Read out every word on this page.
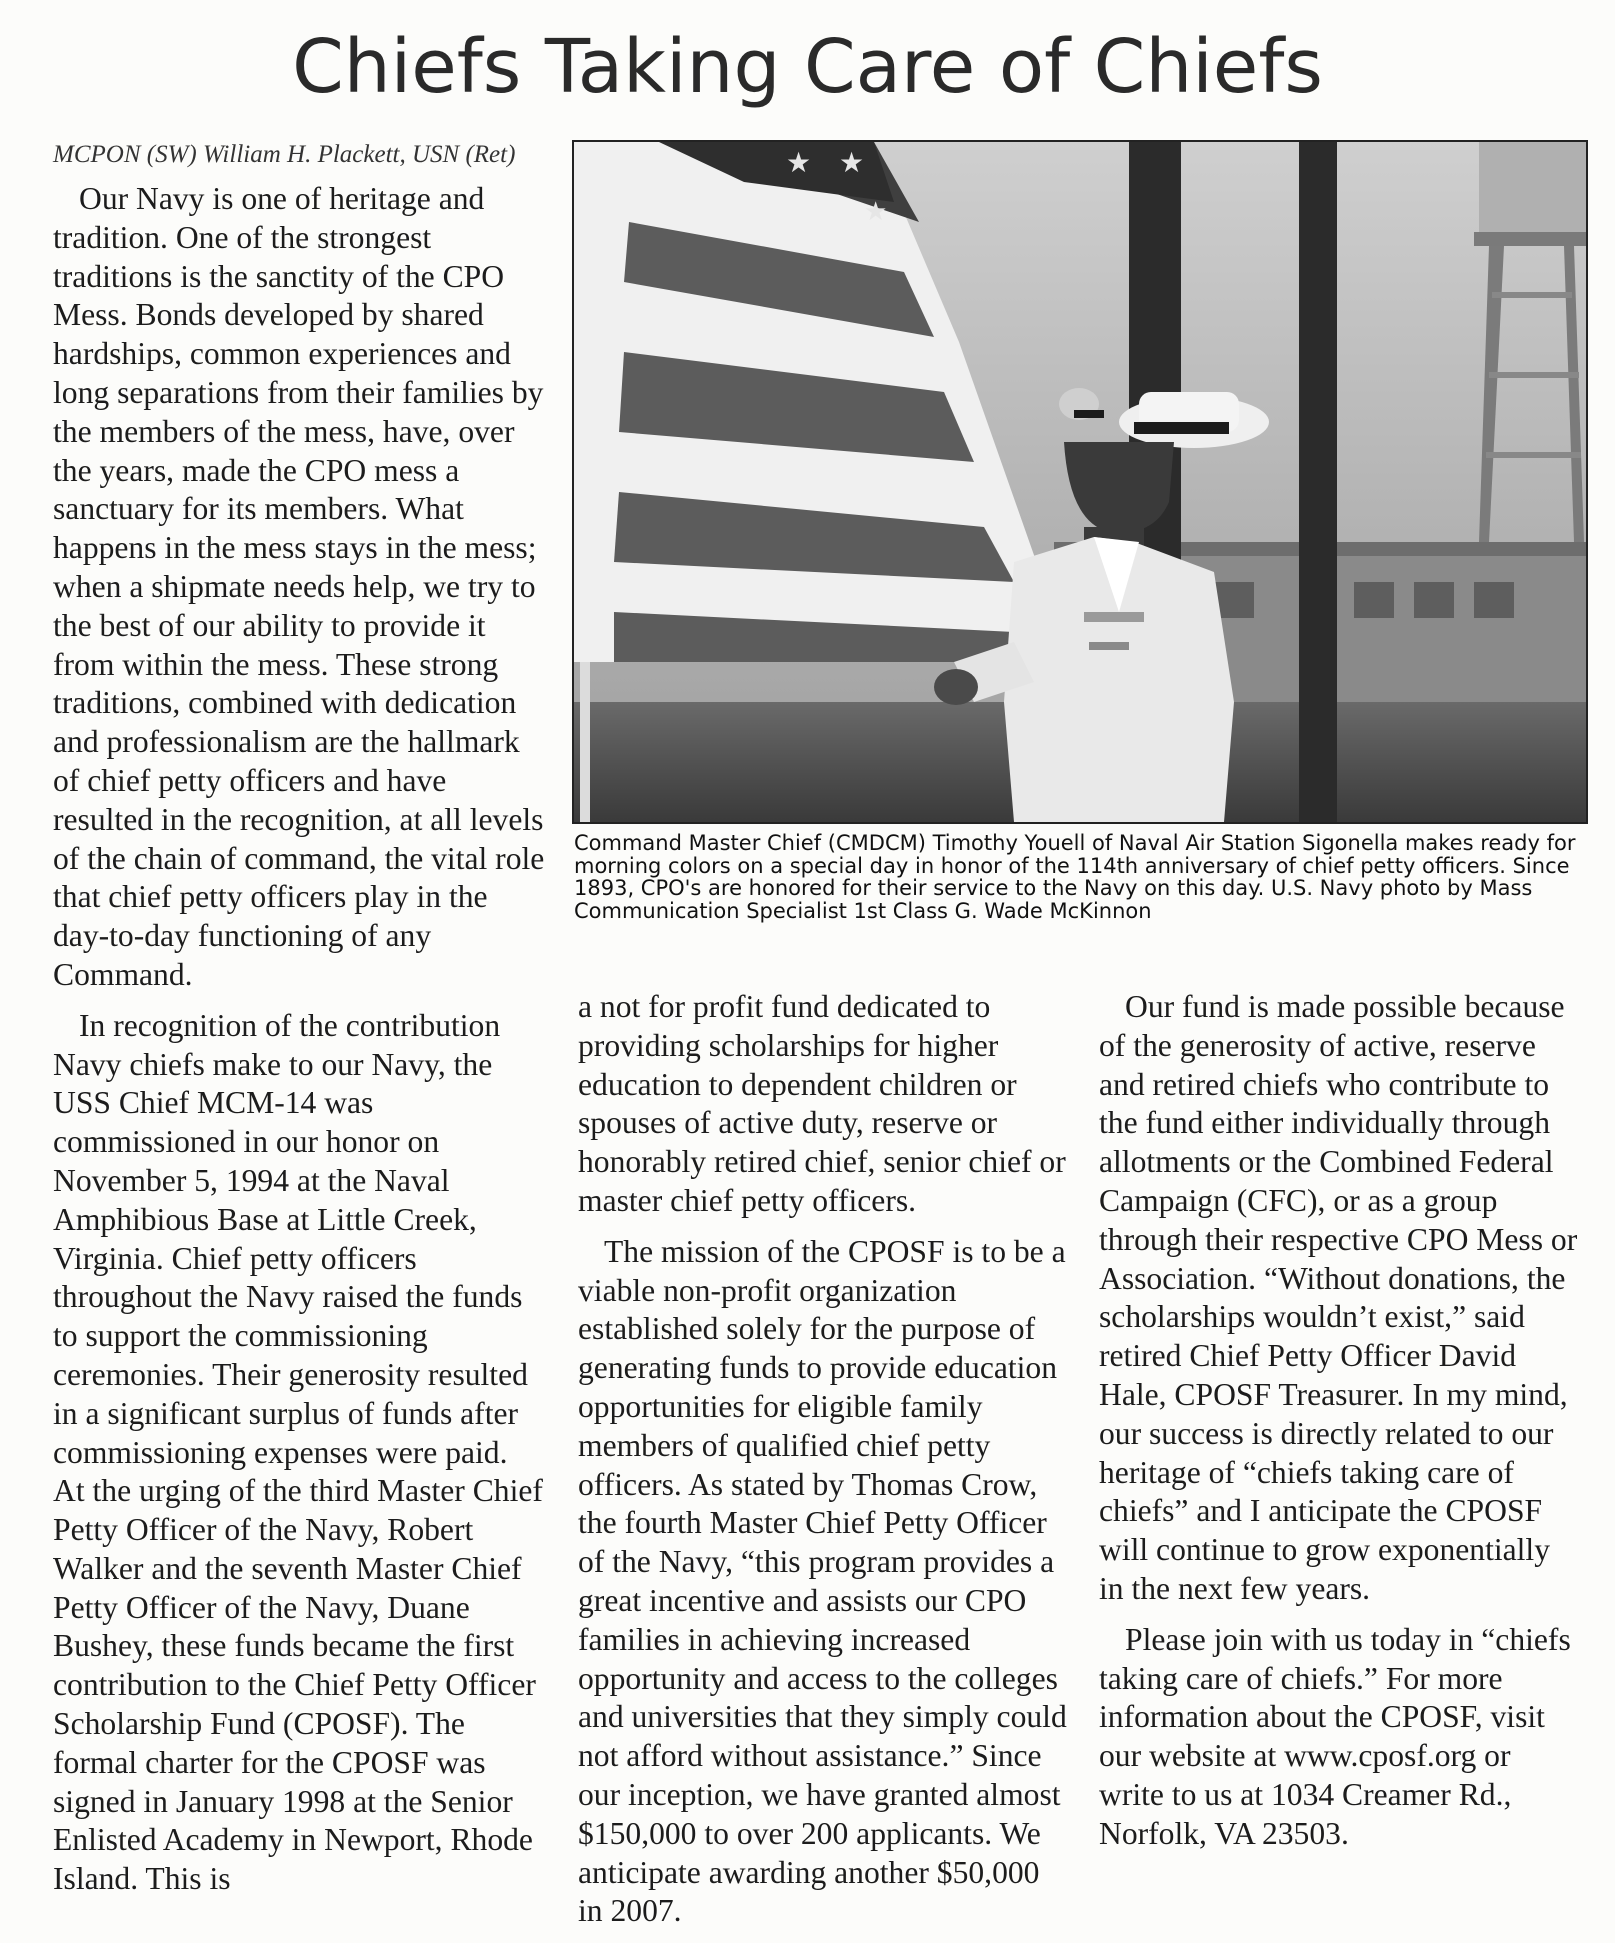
Chiefs Taking Care of Chiefs
MCPON (SW) William H. Plackett, USN (Ret)

Our Navy is one of heritage and tradition. One of the strongest traditions is the sanctity of the CPO Mess. Bonds developed by shared hardships, common experiences and long separations from their families by the members of the mess, have, over the years, made the CPO mess a sanctuary for its members. What happens in the mess stays in the mess; when a shipmate needs help, we try to the best of our ability to provide it from within the mess. These strong traditions, combined with dedication and professionalism are the hallmark of chief petty officers and have resulted in the recognition, at all levels of the chain of command, the vital role that chief petty officers play in the day-to-day functioning of any Command.

In recognition of the contribution Navy chiefs make to our Navy, the USS Chief MCM-14 was commissioned in our honor on November 5, 1994 at the Naval Amphibious Base at Little Creek, Virginia. Chief petty officers throughout the Navy raised the funds to support the commissioning ceremonies. Their generosity resulted in a significant surplus of funds after commissioning expenses were paid. At the urging of the third Master Chief Petty Officer of the Navy, Robert Walker and the seventh Master Chief Petty Officer of the Navy, Duane Bushey, these funds became the first contribution to the Chief Petty Officer Scholarship Fund (CPOSF). The formal charter for the CPOSF was signed in January 1998 at the Senior Enlisted Academy in Newport, Rhode Island. This is

★
★
★
Command Master Chief (CMDCM) Timothy Youell of Naval Air Station Sigonella makes ready for morning colors on a special day in honor of the 114th anniversary of chief petty officers. Since 1893, CPO's are honored for their service to the Navy on this day. U.S. Navy photo by Mass Communication Specialist 1st Class G. Wade McKinnon

a not for profit fund dedicated to providing scholarships for higher education to dependent children or spouses of active duty, reserve or honorably retired chief, senior chief or master chief petty officers.

The mission of the CPOSF is to be a viable non-profit organization established solely for the purpose of generating funds to provide education opportunities for eligible family members of qualified chief petty officers. As stated by Thomas Crow, the fourth Master Chief Petty Officer of the Navy, “this program provides a great incentive and assists our CPO families in achieving increased opportunity and access to the colleges and universities that they simply could not afford without assistance.” Since our inception, we have granted almost $150,000 to over 200 applicants. We anticipate awarding another $50,000 in 2007.

Our fund is made possible because of the generosity of active, reserve and retired chiefs who contribute to the fund either individually through allotments or the Combined Federal Campaign (CFC), or as a group through their respective CPO Mess or Association. “Without donations, the scholarships wouldn’t exist,” said retired Chief Petty Officer David Hale, CPOSF Treasurer. In my mind, our success is directly related to our heritage of “chiefs taking care of chiefs” and I anticipate the CPOSF will continue to grow exponentially in the next few years.

Please join with us today in “chiefs taking care of chiefs.” For more information about the CPOSF, visit our website at www.cposf.org or write to us at 1034 Creamer Rd., Norfolk, VA 23503.
